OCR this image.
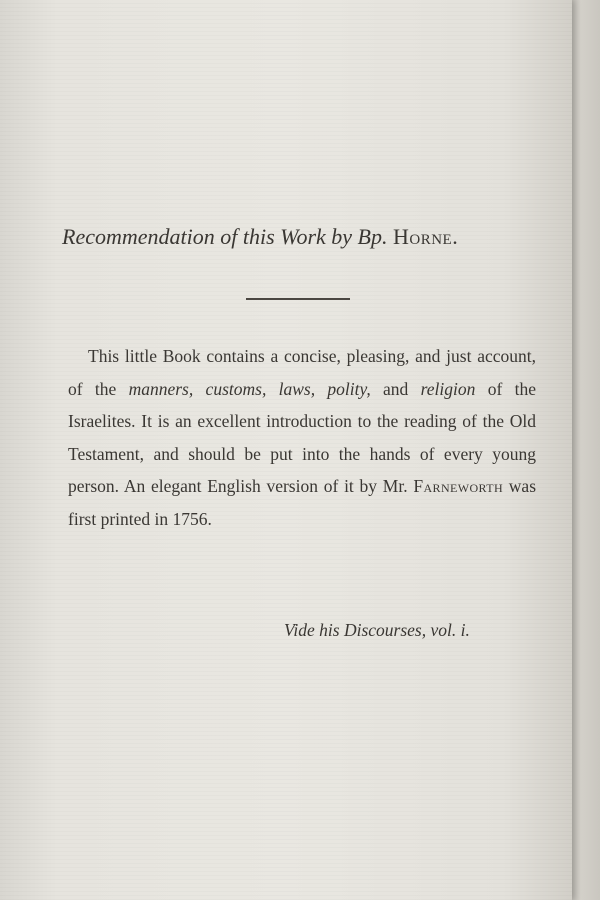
Recommendation of this Work by Bp. Horne.
This little Book contains a concise, pleasing, and just account, of the manners, customs, laws, polity, and religion of the Israelites. It is an excellent introduction to the reading of the Old Testament, and should be put into the hands of every young person. An elegant English version of it by Mr. Farneworth was first printed in 1756.
Vide his Discourses, vol. i.
